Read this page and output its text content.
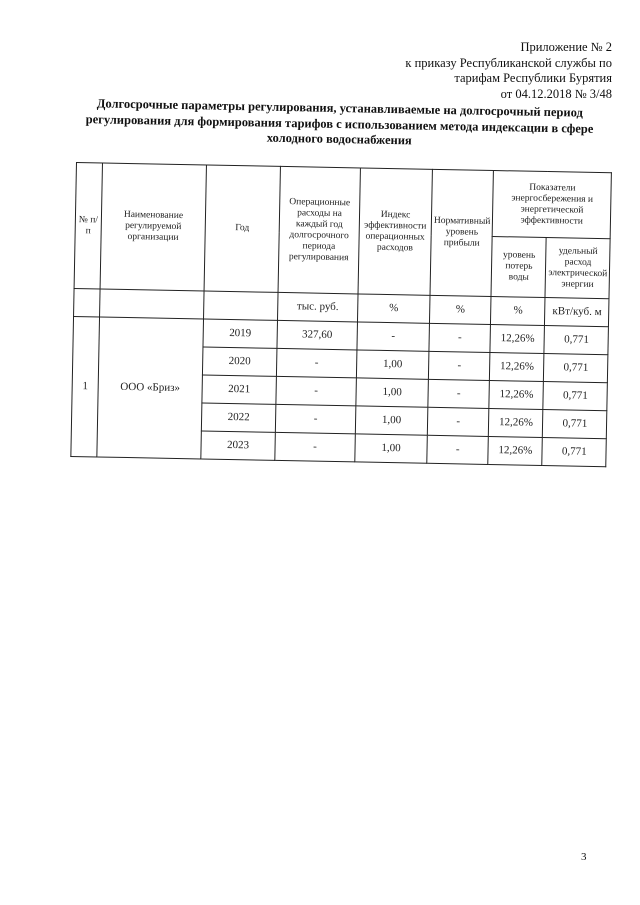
Приложение № 2
к приказу Республиканской службы по
тарифам Республики Бурятия
от 04.12.2018 № 3/48
Долгосрочные параметры регулирования, устанавливаемые на долгосрочный период регулирования для формирования тарифов с использованием метода индексации в сфере холодного водоснабжения
№ п/п	Наименование регулируемой организации	Год	Операционные расходы на каждый год долгосрочного периода регулирования	Индекс эффективности операционных расходов	Нормативный уровень прибыли	Показатели энергосбережения и энергетической эффективности	
						уровень потерь воды	удельный расход электрической энергии
			тыс. руб.	%	%	%	кВт/куб. м
1	ООО «Бриз»	2019	327,60	-	-	12,26%	0,771
		2020	-	1,00	-	12,26%	0,771
		2021	-	1,00	-	12,26%	0,771
		2022	-	1,00	-	12,26%	0,771
		2023	-	1,00	-	12,26%	0,771
3
